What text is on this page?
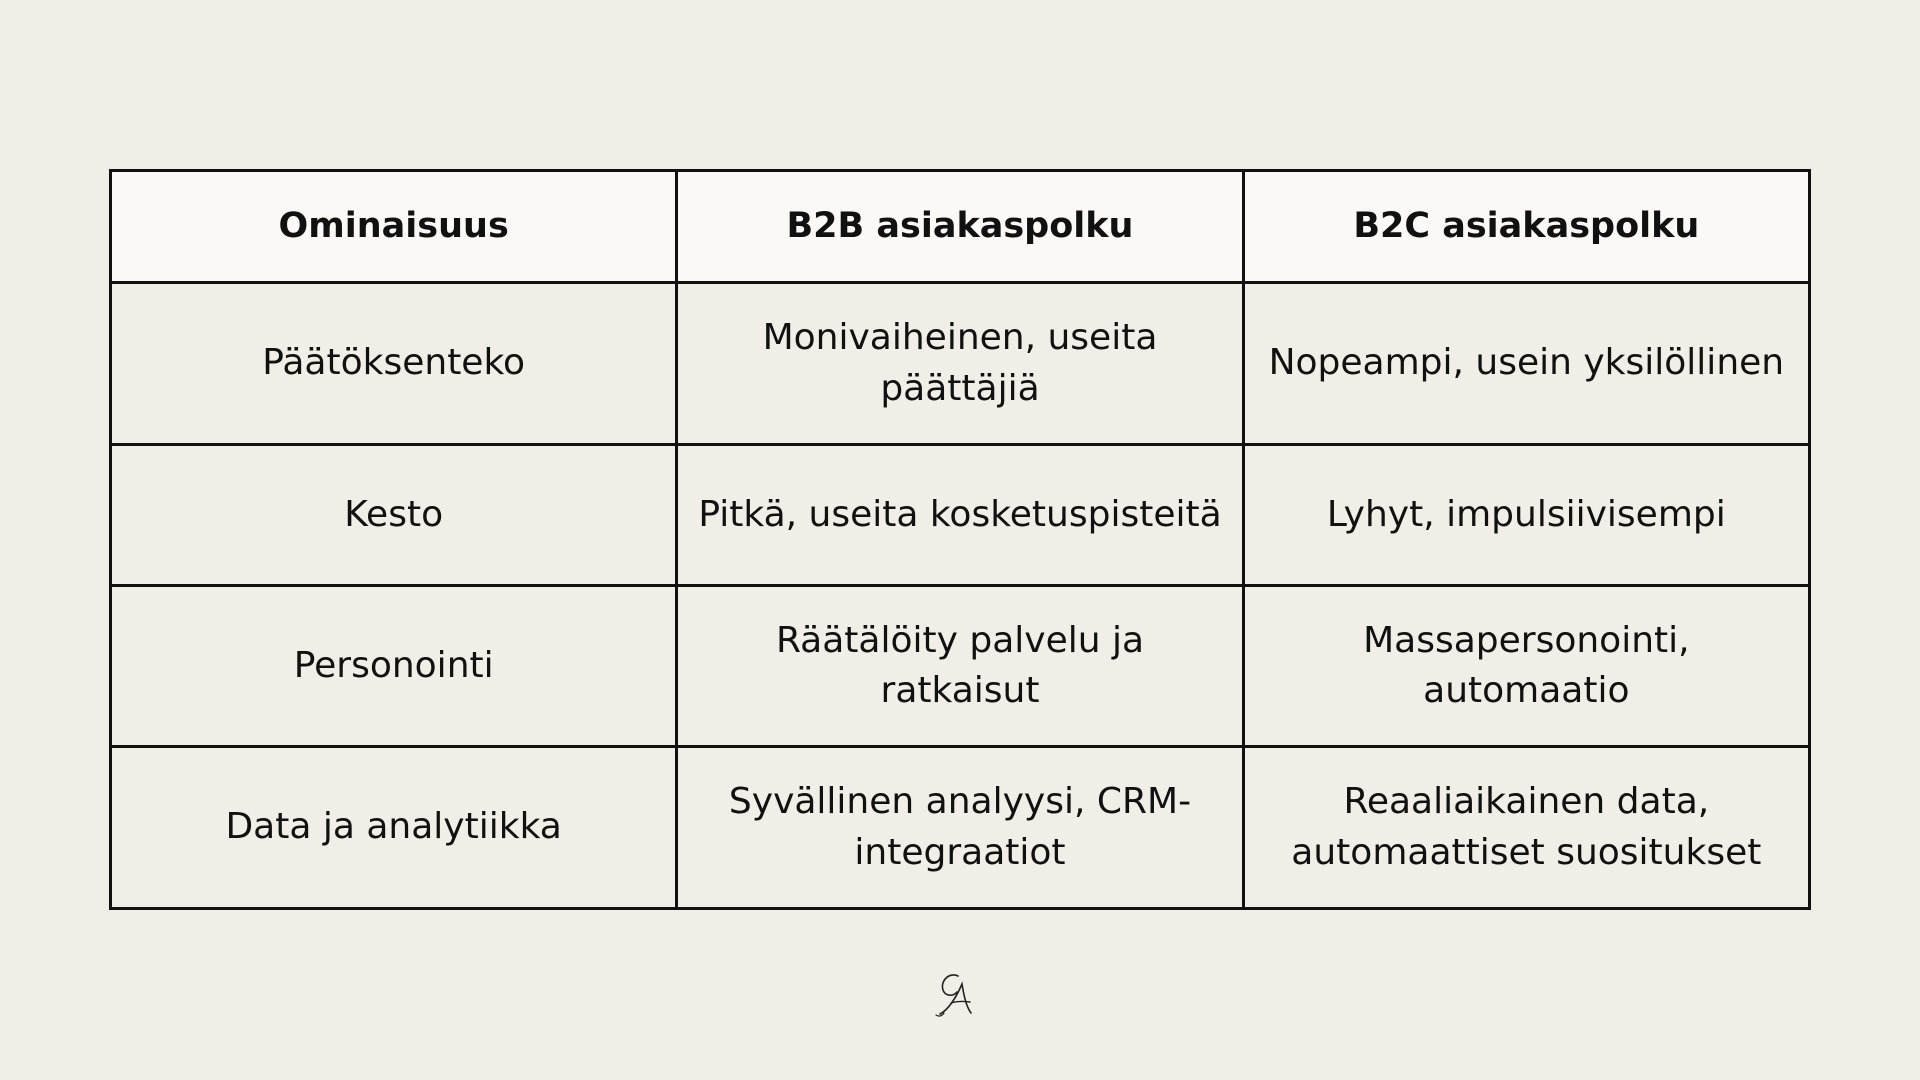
Ominaisuus	B2B asiakaspolku	B2C asiakaspolku
Päätöksenteko	Monivaiheinen, useita päättäjiä	Nopeampi, usein yksilöllinen
Kesto	Pitkä, useita kosketuspisteitä	Lyhyt, impulsiivisempi
Personointi	Räätälöity palvelu ja ratkaisut	Massapersonointi, automaatio
Data ja analytiikka	Syvällinen analyysi, CRM-integraatiot	Reaaliaikainen data, automaattiset suositukset
